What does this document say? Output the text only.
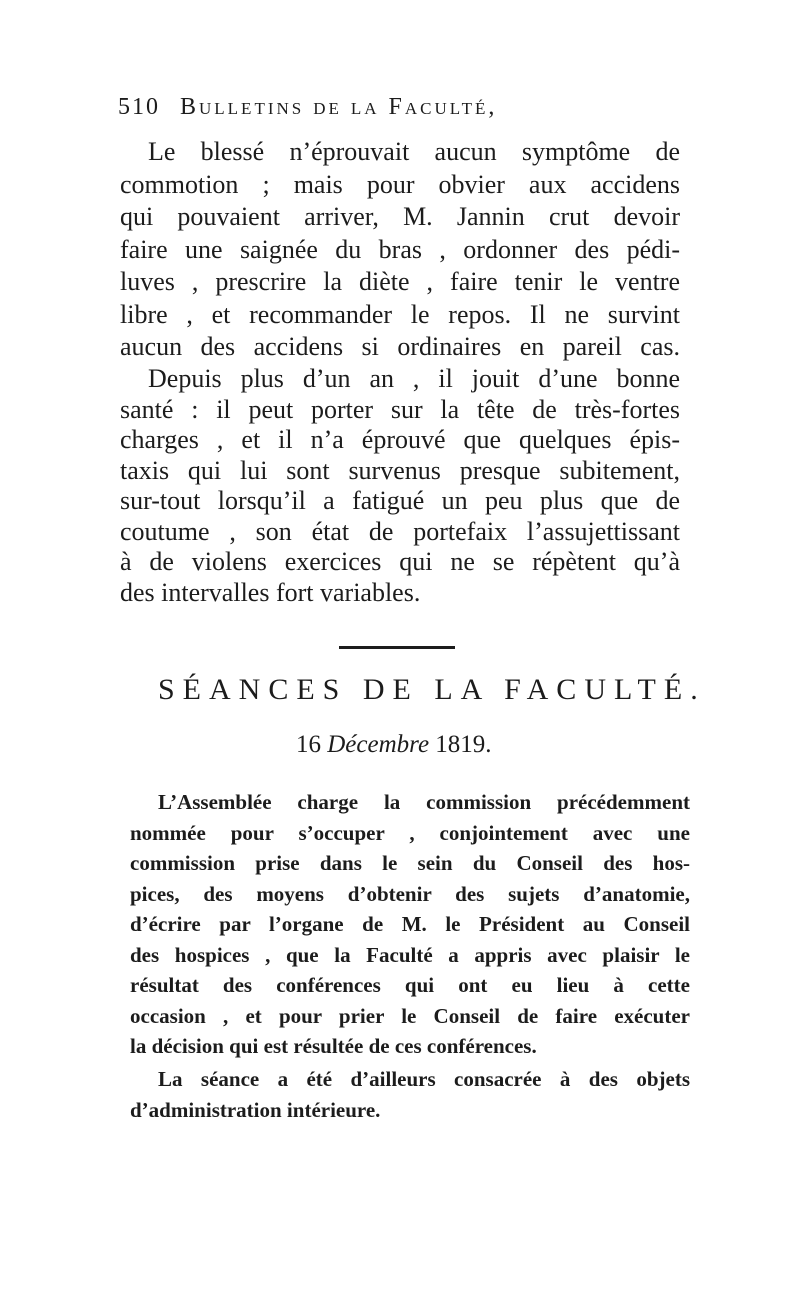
510 Bulletins de la Faculté,
Le blessé n’éprouvait aucun symptôme de
commotion ; mais pour obvier aux accidens
qui pouvaient arriver, M. Jannin crut devoir
faire une saignée du bras , ordonner des pédi-
luves , prescrire la diète , faire tenir le ventre
libre , et recommander le repos. Il ne survint
aucun des accidens si ordinaires en pareil cas.
Depuis plus d’un an , il jouit d’une bonne
santé : il peut porter sur la tête de très-fortes
charges , et il n’a éprouvé que quelques épis-
taxis qui lui sont survenus presque subitement,
sur-tout lorsqu’il a fatigué un peu plus que de
coutume , son état de portefaix l’assujettissant
à de violens exercices qui ne se répètent qu’à
des intervalles fort variables.
SÉANCES DE LA FACULTÉ.
16 Décembre 1819.
L’Assemblée charge la commission précédemment
nommée pour s’occuper , conjointement avec une
commission prise dans le sein du Conseil des hos-
pices, des moyens d’obtenir des sujets d’anatomie,
d’écrire par l’organe de M. le Président au Conseil
des hospices , que la Faculté a appris avec plaisir le
résultat des conférences qui ont eu lieu à cette
occasion , et pour prier le Conseil de faire exécuter
la décision qui est résultée de ces conférences.
La séance a été d’ailleurs consacrée à des objets
d’administration intérieure.
